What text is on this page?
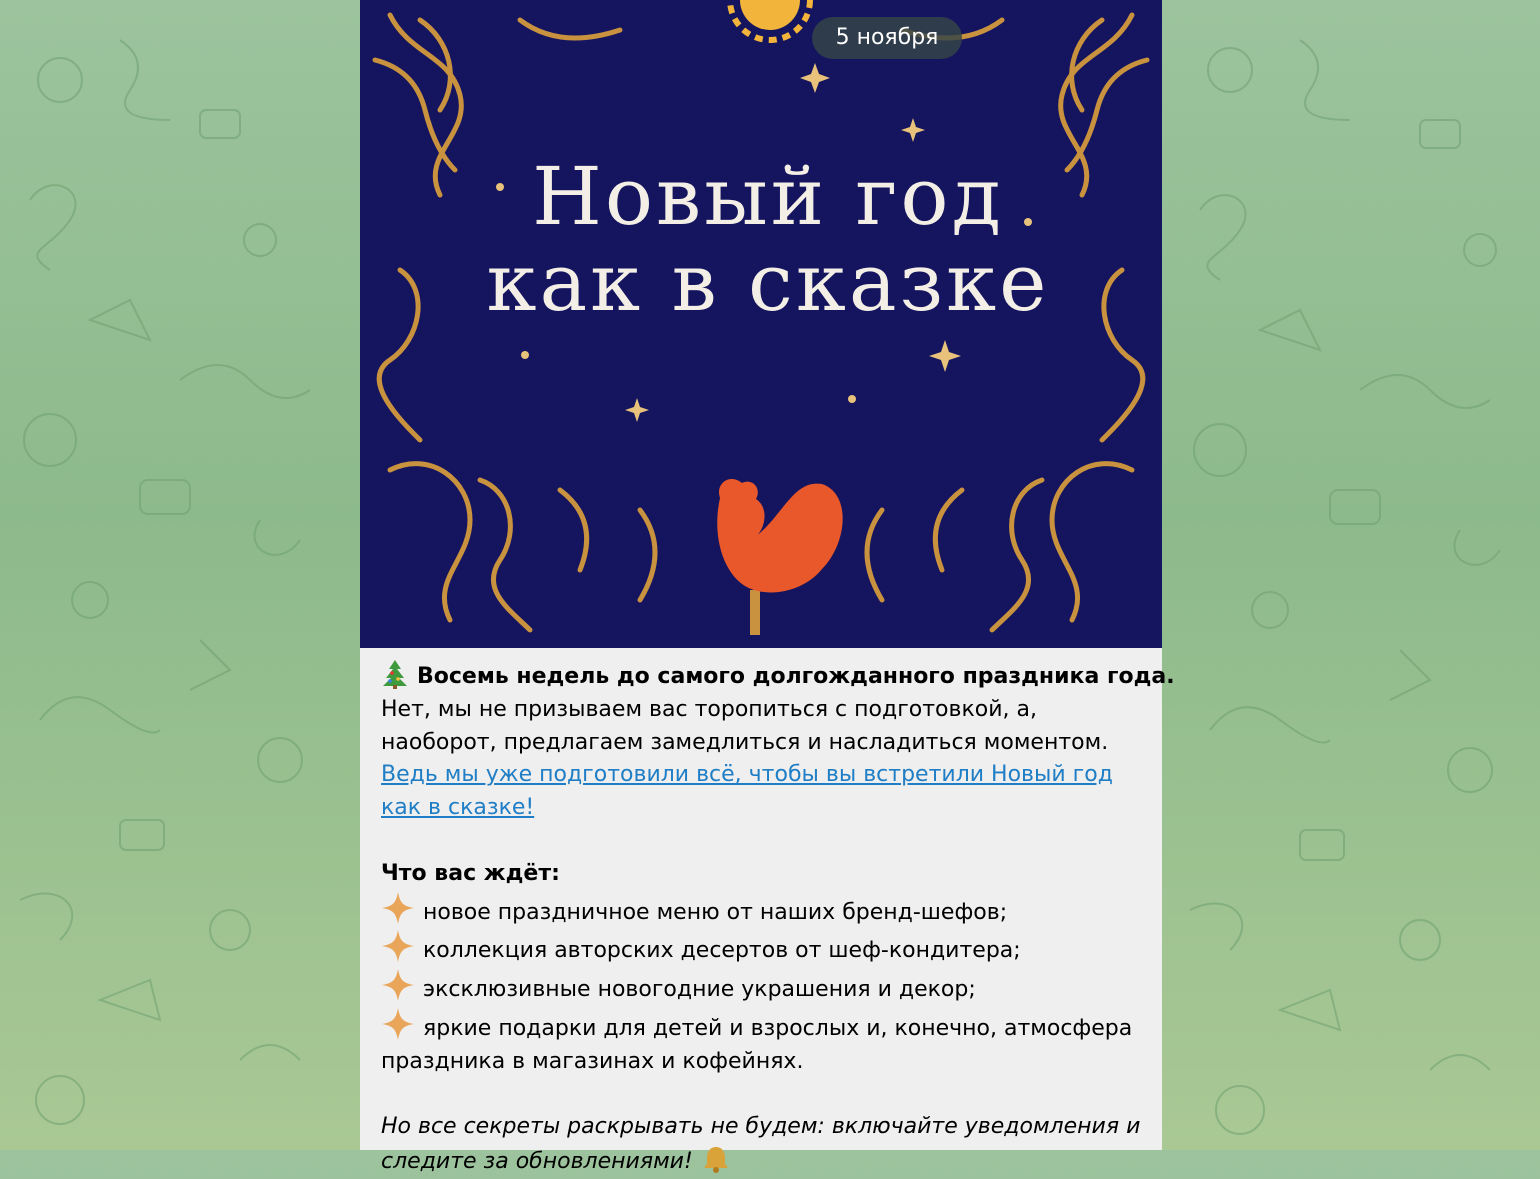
Новый год
как в сказке
5 ноября
Восемь недель до самого долгожданного праздника года.
Нет, мы не призываем вас торопиться с подготовкой, а,
наоборот, предлагаем замедлиться и насладиться моментом.
Ведь мы уже подготовили всё, чтобы вы встретили Новый год
как в сказке!
Что вас ждёт:
новое праздничное меню от наших бренд-шефов;
коллекция авторских десертов от шеф-кондитера;
эксклюзивные новогодние украшения и декор;
яркие подарки для детей и взрослых и, конечно, атмосфера
праздника в магазинах и кофейнях.
Но все секреты раскрывать не будем: включайте уведомления и
следите за обновлениями!
